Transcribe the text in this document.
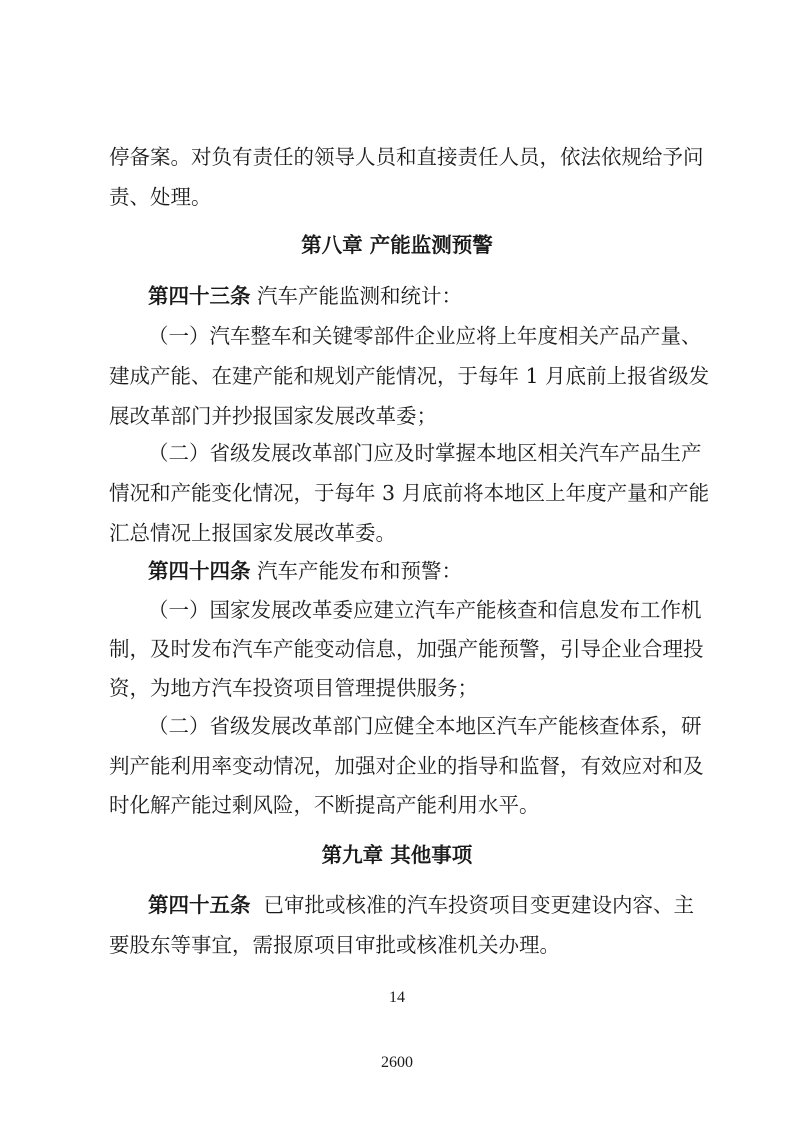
停备案。对负有责任的领导人员和直接责任人员，依法依规给予问
责、处理。
第八章 产能监测预警
第四十三条 汽车产能监测和统计：
（一）汽车整车和关键零部件企业应将上年度相关产品产量、
建成产能、在建产能和规划产能情况，于每年 1 月底前上报省级发
展改革部门并抄报国家发展改革委；
（二）省级发展改革部门应及时掌握本地区相关汽车产品生产
情况和产能变化情况，于每年 3 月底前将本地区上年度产量和产能
汇总情况上报国家发展改革委。
第四十四条 汽车产能发布和预警：
（一）国家发展改革委应建立汽车产能核查和信息发布工作机
制，及时发布汽车产能变动信息，加强产能预警，引导企业合理投
资，为地方汽车投资项目管理提供服务；
（二）省级发展改革部门应健全本地区汽车产能核查体系，研
判产能利用率变动情况，加强对企业的指导和监督，有效应对和及
时化解产能过剩风险，不断提高产能利用水平。
第九章 其他事项
第四十五条 已审批或核准的汽车投资项目变更建设内容、主
要股东等事宜，需报原项目审批或核准机关办理。
14
2600
